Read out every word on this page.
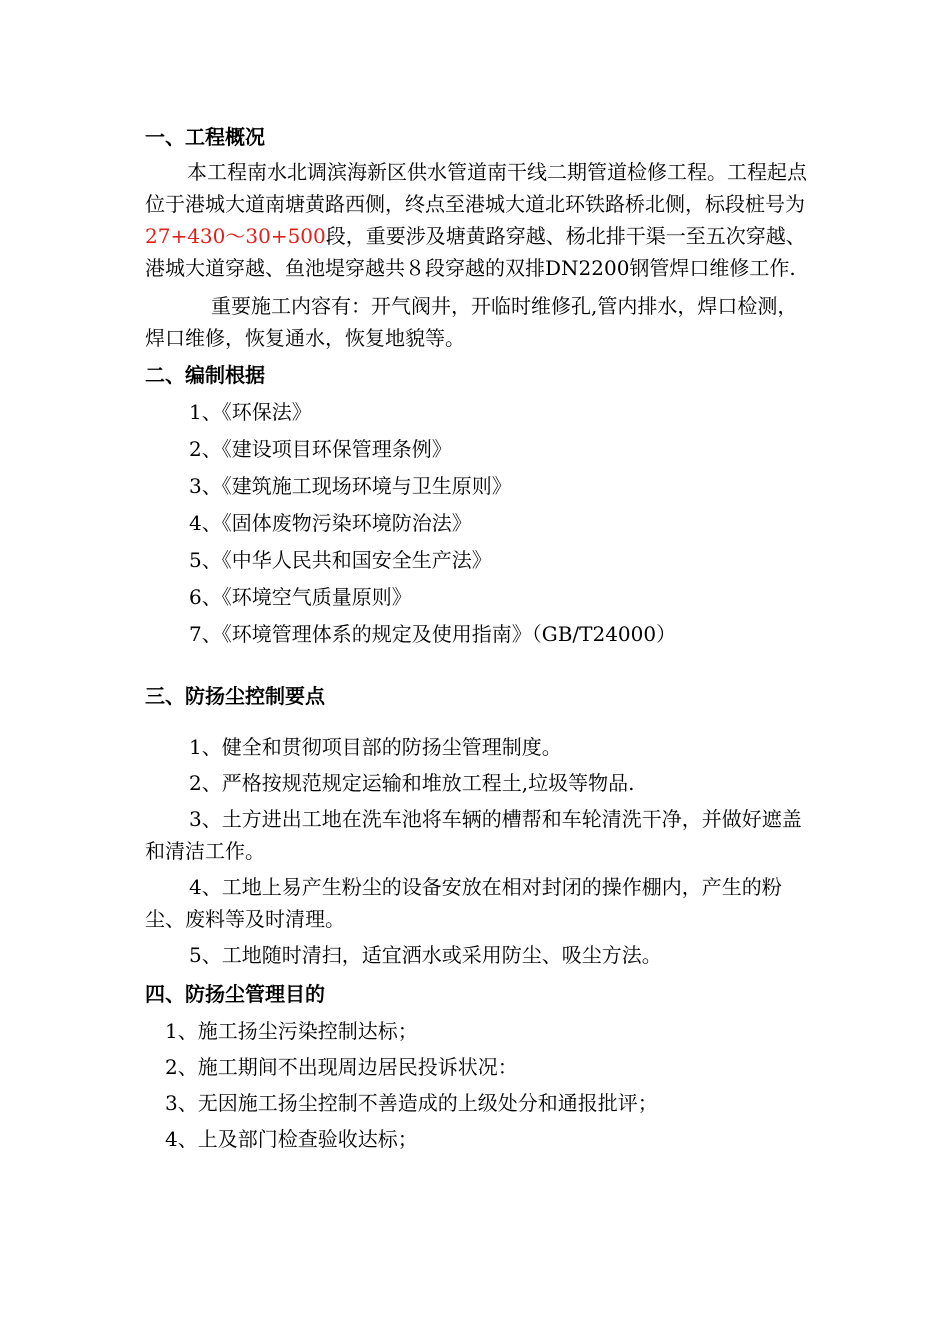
一、工程概况

本工程南水北调滨海新区供水管道南干线二期管道检修工程。工程起点位于港城大道南塘黄路西侧，终点至港城大道北环铁路桥北侧，标段桩号为27+430～30+500段，重要涉及塘黄路穿越、杨北排干渠一至五次穿越、港城大道穿越、鱼池堤穿越共８段穿越的双排DN2200钢管焊口维修工作.

重要施工内容有：开气阀井，开临时维修孔,管内排水，焊口检测，焊口维修，恢复通水，恢复地貌等。

二、编制根据

1、《环保法》

2、《建设项目环保管理条例》

3、《建筑施工现场环境与卫生原则》

4、《固体废物污染环境防治法》

5、《中华人民共和国安全生产法》

6、《环境空气质量原则》

7、《环境管理体系的规定及使用指南》（GB/T24000）

三、防扬尘控制要点

1、健全和贯彻项目部的防扬尘管理制度。

2、严格按规范规定运输和堆放工程土,垃圾等物品.

3、土方进出工地在洗车池将车辆的槽帮和车轮清洗干净，并做好遮盖和清洁工作。

4、工地上易产生粉尘的设备安放在相对封闭的操作棚内，产生的粉尘、废料等及时清理。

5、工地随时清扫，适宜洒水或采用防尘、吸尘方法。

四、防扬尘管理目的

1、施工扬尘污染控制达标；

2、施工期间不出现周边居民投诉状况：

3、无因施工扬尘控制不善造成的上级处分和通报批评；

4、上及部门检查验收达标；
